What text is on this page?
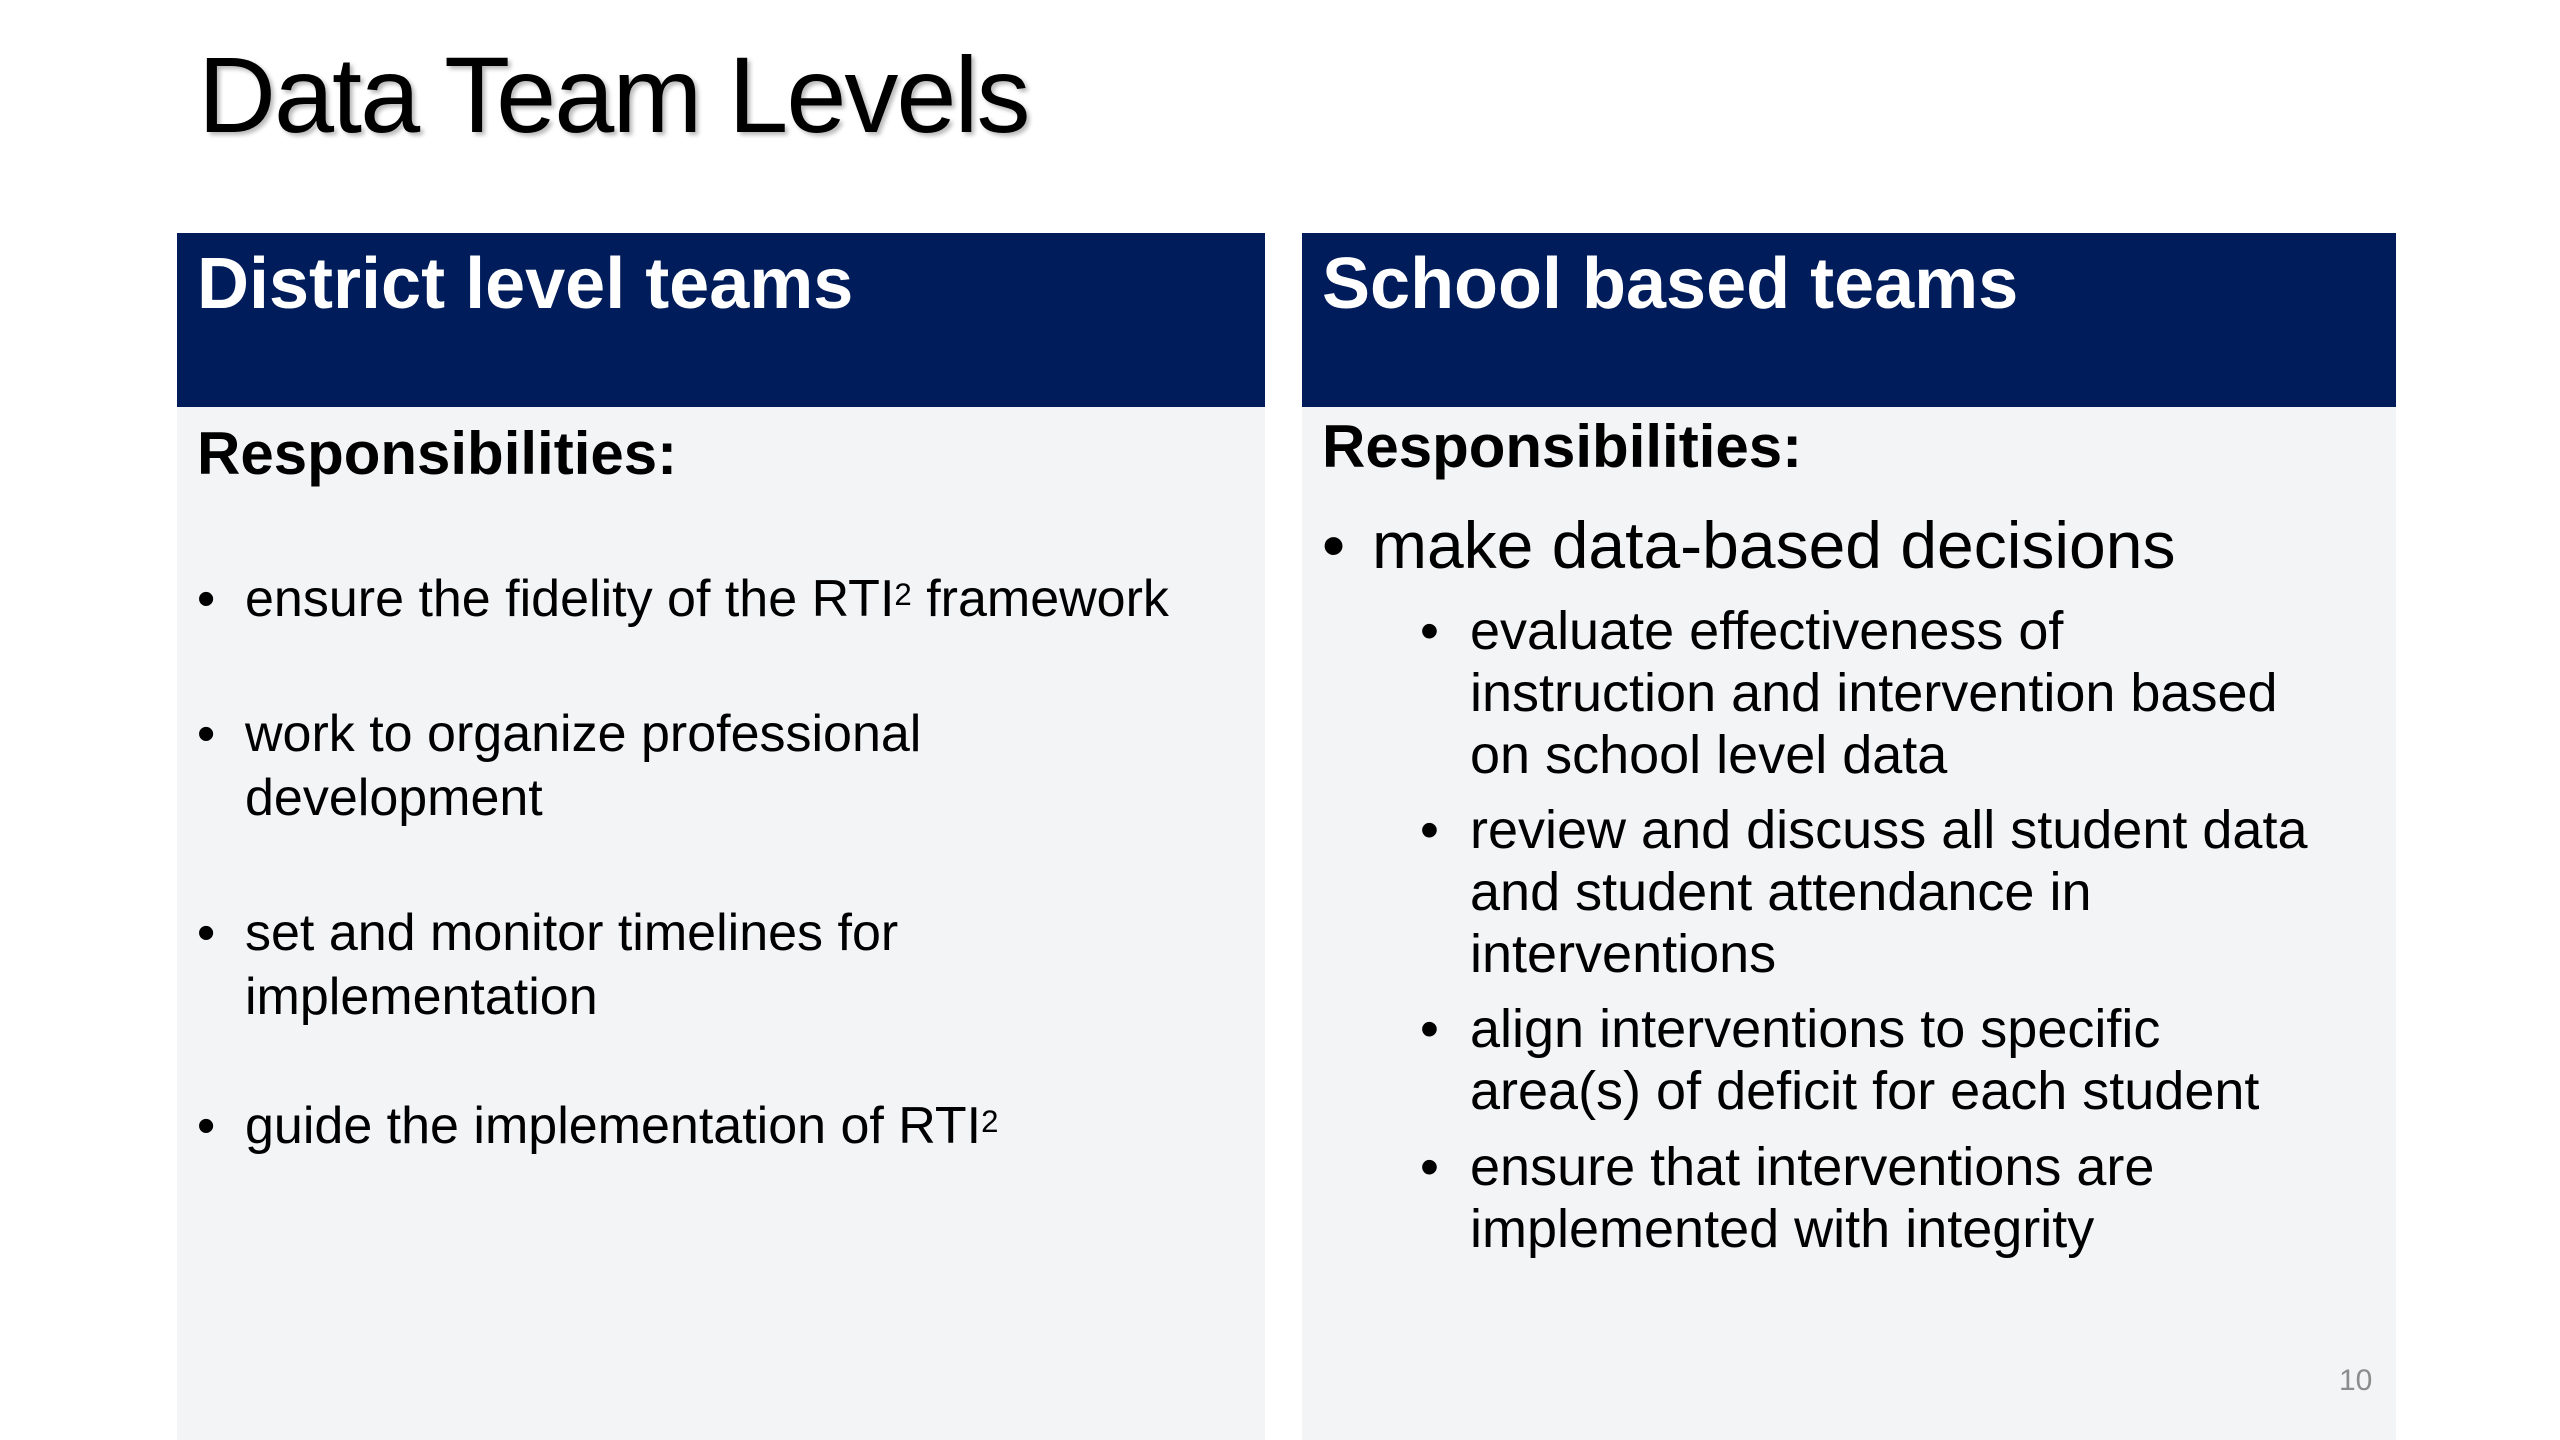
Data Team Levels
District level teams
Responsibilities:
• ensure the fidelity of the RTI$^2$ framework
• work to organize professional
development
• set and monitor timelines for
implementation
• guide the implementation of RTI$^2$
School based teams
Responsibilities:
• make data-based decisions
• evaluate effectiveness of
instruction and intervention based
on school level data
• review and discuss all student data
and student attendance in
interventions
• align interventions to specific
area(s) of deficit for each student
• ensure that interventions are
implemented with integrity
10
